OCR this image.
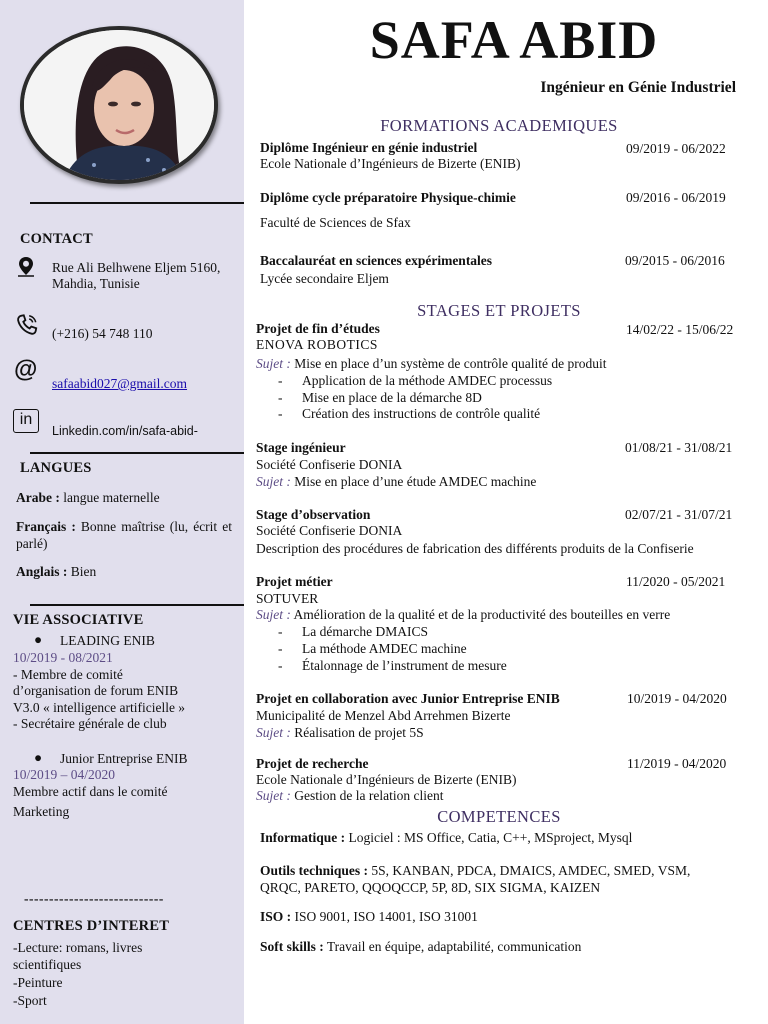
CONTACT
Rue Ali Belhwene Eljem 5160,
Mahdia, Tunisie
(+216) 54 748 110
@
safaabid027@gmail.com
in
Linkedin.com/in/safa-abid-
LANGUES
Arabe : langue maternelle
Français : Bonne maîtrise (lu, écrit et parlé)
Anglais : Bien
VIE ASSOCIATIVE
● LEADING ENIB
10/2019 - 08/2021
- Membre de comité
d’organisation de forum ENIB
V3.0 « intelligence artificielle »
- Secrétaire générale de club
● Junior Entreprise ENIB
10/2019 – 04/2020
Membre actif dans le comité
Marketing
----------------------------
CENTRES D’INTERET
-Lecture: romans, livres
scientifiques
-Peinture
-Sport
SAFA ABID
Ingénieur en Génie Industriel
FORMATIONS ACADEMIQUES
Diplôme Ingénieur en génie industriel	09/2019 - 06/2022
Ecole Nationale d’Ingénieurs de Bizerte (ENIB)
Diplôme cycle préparatoire Physique-chimie	09/2016 - 06/2019
Faculté de Sciences de Sfax
Baccalauréat en sciences expérimentales	09/2015 - 06/2016
Lycée secondaire Eljem
STAGES ET PROJETS
Projet de fin d’études	14/02/22 - 15/06/22
ENOVA ROBOTICS
Sujet : Mise en place d’un système de contrôle qualité de produit
- Application de la méthode AMDEC processus
- Mise en place de la démarche 8D
- Création des instructions de contrôle qualité
Stage ingénieur	01/08/21 - 31/08/21
Société Confiserie DONIA
Sujet : Mise en place d’une étude AMDEC machine
Stage d’observation	02/07/21 - 31/07/21
Société Confiserie DONIA
Description des procédures de fabrication des différents produits de la Confiserie
Projet métier	11/2020 - 05/2021
SOTUVER
Sujet : Amélioration de la qualité et de la productivité des bouteilles en verre
- La démarche DMAICS
- La méthode AMDEC machine
- Étalonnage de l’instrument de mesure
Projet en collaboration avec Junior Entreprise ENIB	10/2019 - 04/2020
Municipalité de Menzel Abd Arrehmen Bizerte
Sujet : Réalisation de projet 5S
Projet de recherche	11/2019 - 04/2020
Ecole Nationale d’Ingénieurs de Bizerte (ENIB)
Sujet : Gestion de la relation client
COMPETENCES
Informatique : Logiciel : MS Office, Catia, C++, MSproject, Mysql
Outils techniques : 5S, KANBAN, PDCA, DMAICS, AMDEC, SMED, VSM,
QRQC, PARETO, QQOQCCP, 5P, 8D, SIX SIGMA, KAIZEN
ISO : ISO 9001, ISO 14001, ISO 31001
Soft skills : Travail en équipe, adaptabilité, communication
